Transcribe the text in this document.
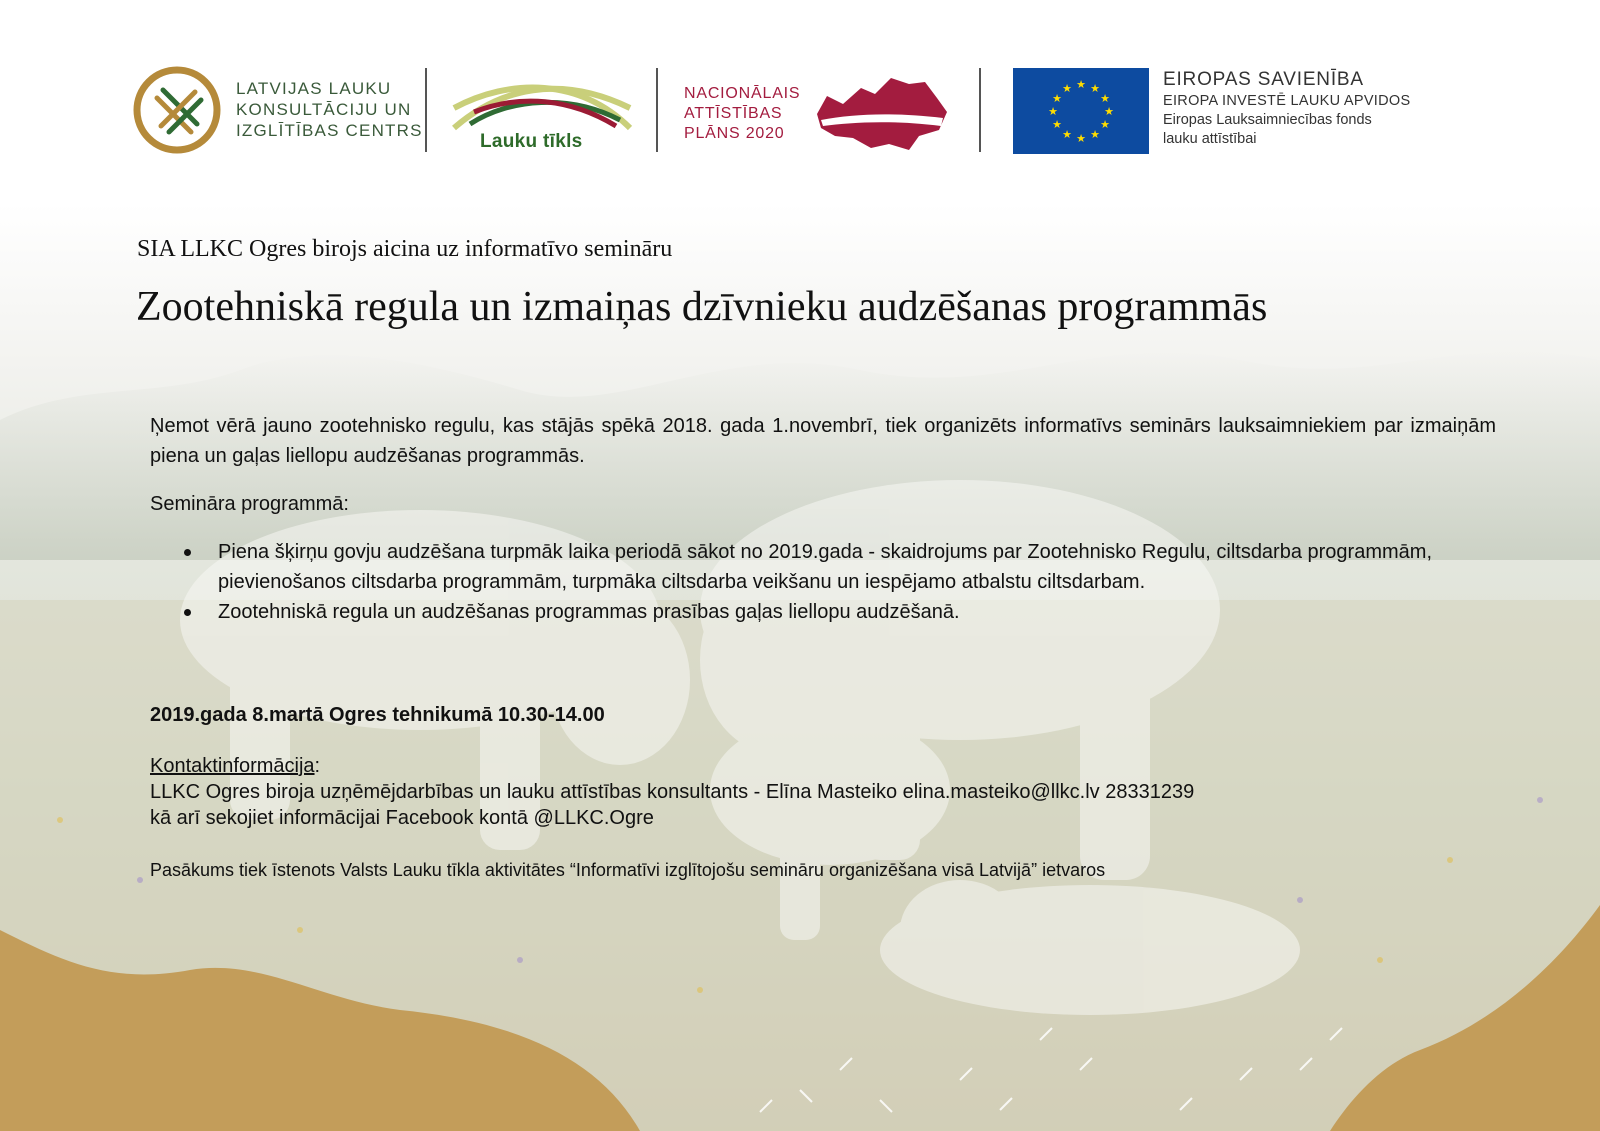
LATVIJAS LAUKU
KONSULTĀCIJU UN
IZGLĪTĪBAS CENTRS
Lauku tīkls
NACIONĀLAIS
ATTĪSTĪBAS
PLĀNS 2020
★ ★
★
★
★
★
★
★
★
★
★
★	EIROPAS SAVIENĪBA
EIROPA INVESTĒ LAUKU APVIDOS
Eiropas Lauksaimniecības fonds
lauku attīstībai
SIA LLKC Ogres birojs aicina uz informatīvo semināru
Zootehniskā regula un izmaiņas dzīvnieku audzēšanas programmās

Ņemot vērā jauno zootehnisko regulu, kas stājās spēkā 2018. gada 1.novembrī, tiek organizēts informatīvs seminārs lauksaimniekiem par izmaiņām piena un gaļas liellopu audzēšanas programmās.

Semināra programmā:

Piena šķirņu govju audzēšana turpmāk laika periodā sākot no 2019.gada - skaidrojums par Zootehnisko Regulu, ciltsdarba programmām, pievienošanos ciltsdarba programmām, turpmāka ciltsdarba veikšanu un iespējamo atbalstu ciltsdarbam.
Zootehniskā regula un audzēšanas programmas prasības gaļas liellopu audzēšanā.
2019.gada 8.martā Ogres tehnikumā 10.30-14.00
Kontaktinformācija:
LLKC Ogres biroja uzņēmējdarbības un lauku attīstības konsultants - Elīna Masteiko elina.masteiko@llkc.lv 28331239
kā arī sekojiet informācijai Facebook kontā @LLKC.Ogre
Pasākums tiek īstenots Valsts Lauku tīkla aktivitātes “Informatīvi izglītojošu semināru organizēšana visā Latvijā” ietvaros
